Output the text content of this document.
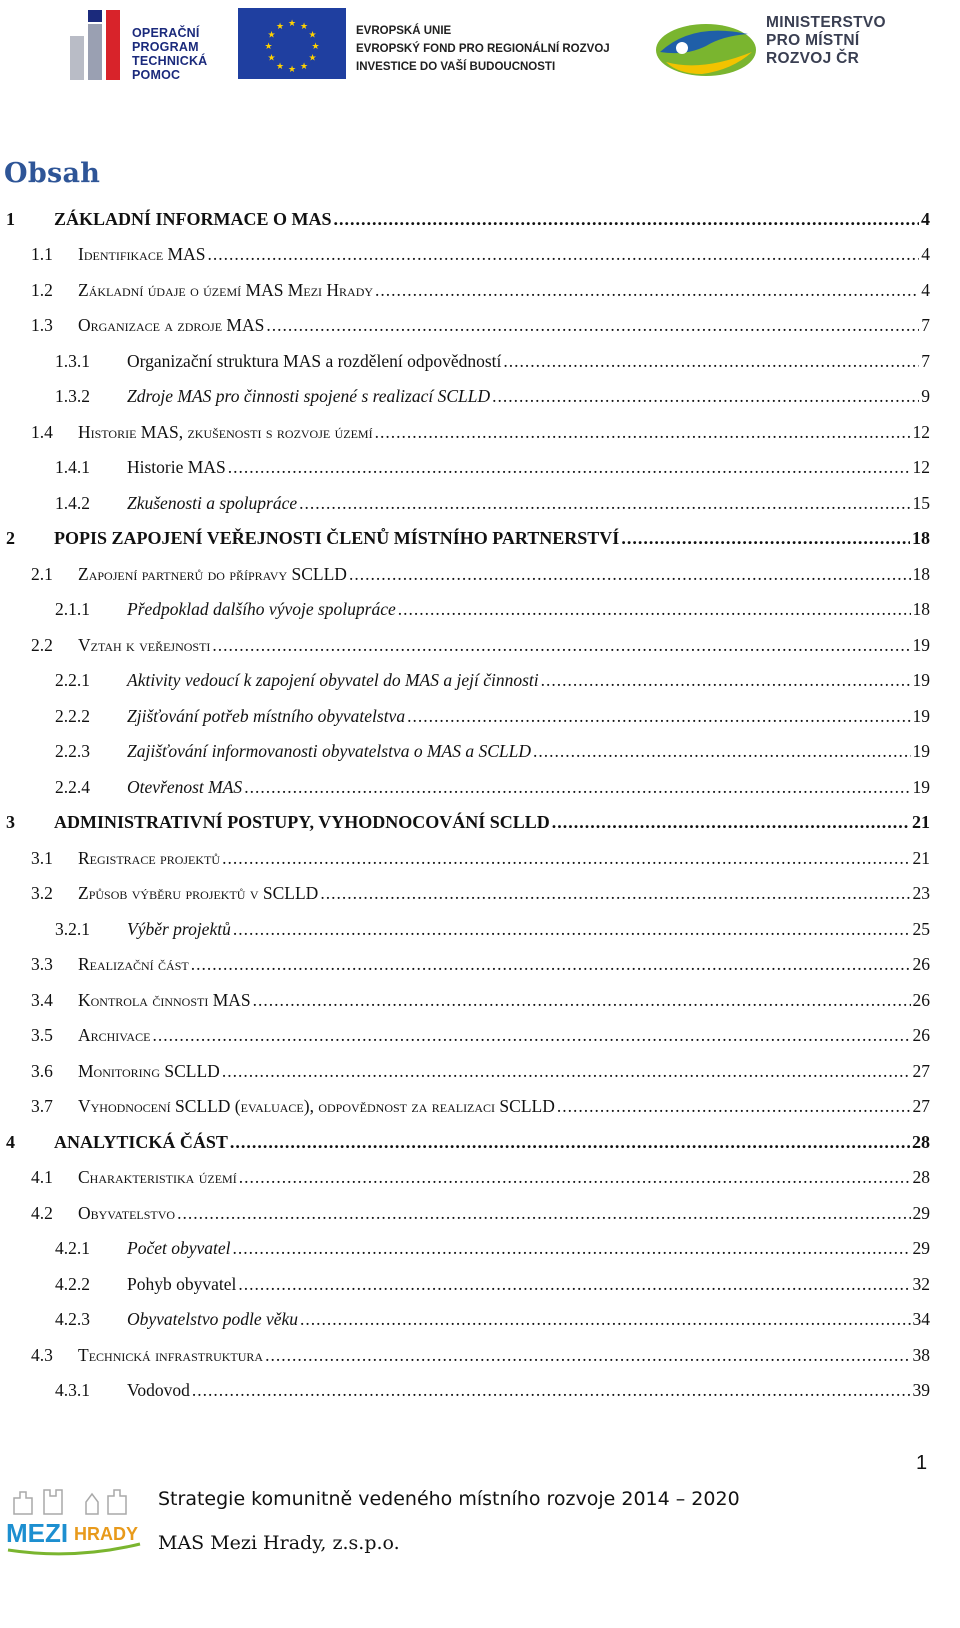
OPERAČNÍ
PROGRAM
TECHNICKÁ
POMOC
★ ★
★
★
★
★
★
★
★
★
★
★	EVROPSKÁ UNIE
EVROPSKÝ FOND PRO REGIONÁLNÍ ROZVOJ
INVESTICE DO VAŠÍ BUDOUCNOSTI
MINISTERSTVO
PRO MÍSTNÍ
ROZVOJ ČR
Obsah
1	ZÁKLADNÍ INFORMACE O MAS .....	4
1.1	Identifikace MAS .....	4
1.2	Základní údaje o území MAS Mezi Hrady .....	4
1.3	Organizace a zdroje MAS .....	7
1.3.1	Organizační struktura MAS a rozdělení odpovědností .....	7
1.3.2	Zdroje MAS pro činnosti spojené s realizací SCLLD .....	9
1.4	Historie MAS, zkušenosti s rozvoje území .....	12
1.4.1	Historie MAS .....	12
1.4.2	Zkušenosti a spolupráce .....	15
2	POPIS ZAPOJENÍ VEŘEJNOSTI ČLENŮ MÍSTNÍHO PARTNERSTVÍ .....	18
2.1	Zapojení partnerů do přípravy SCLLD .....	18
2.1.1	Předpoklad dalšího vývoje spolupráce .....	18
2.2	Vztah k veřejnosti .....	19
2.2.1	Aktivity vedoucí k zapojení obyvatel do MAS a její činnosti .....	19
2.2.2	Zjišťování potřeb místního obyvatelstva .....	19
2.2.3	Zajišťování informovanosti obyvatelstva o MAS a SCLLD .....	19
2.2.4	Otevřenost MAS .....	19
3	ADMINISTRATIVNÍ POSTUPY, VYHODNOCOVÁNÍ SCLLD .....	21
3.1	Registrace projektů .....	21
3.2	Způsob výběru projektů v SCLLD .....	23
3.2.1	Výběr projektů .....	25
3.3	Realizační část .....	26
3.4	Kontrola činnosti MAS .....	26
3.5	Archivace .....	26
3.6	Monitoring SCLLD .....	27
3.7	Vyhodnocení SCLLD (evaluace), odpovědnost za realizaci SCLLD .....	27
4	ANALYTICKÁ ČÁST .....	28
4.1	Charakteristika území .....	28
4.2	Obyvatelstvo .....	29
4.2.1	Počet obyvatel .....	29
4.2.2	Pohyb obyvatel .....	32
4.2.3	Obyvatelstvo podle věku .....	34
4.3	Technická infrastruktura .....	38
4.3.1	Vodovod .....	39
1
MEZI HRADY
Strategie komunitně vedeného místního rozvoje 2014 – 2020
MAS Mezi Hrady, z.s.p.o.
